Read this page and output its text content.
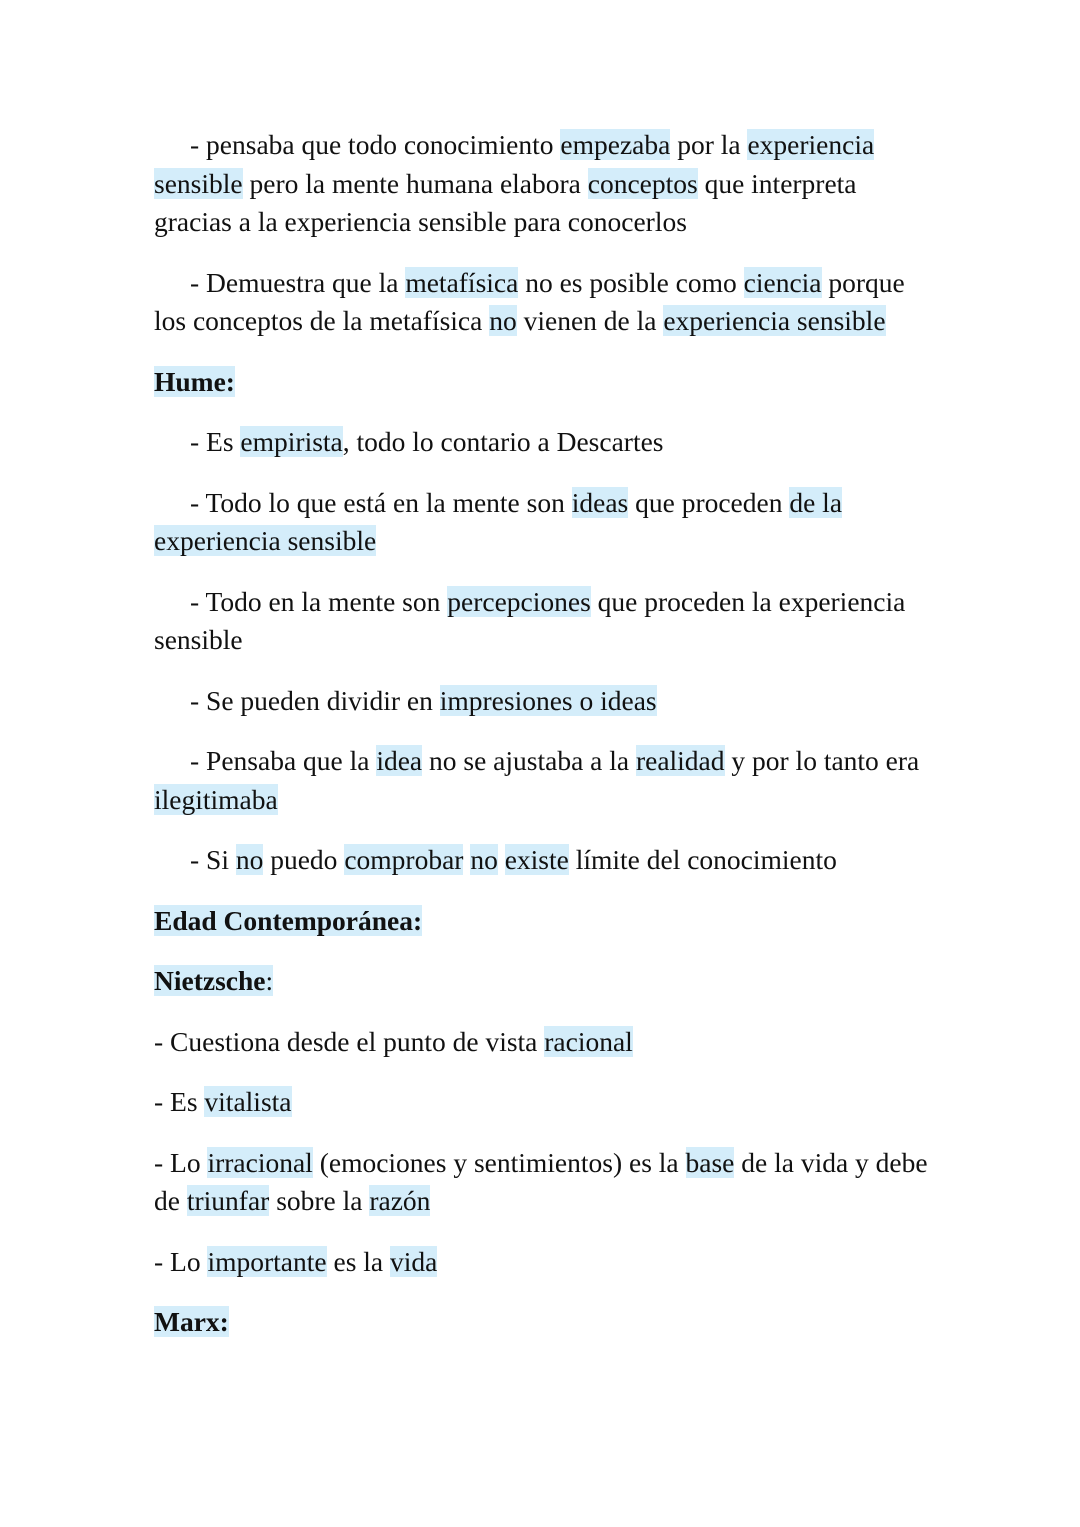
- pensaba que todo conocimiento empezaba por la experiencia sensible pero la mente humana elabora conceptos que interpreta gracias a la experiencia sensible para conocerlos

- Demuestra que la metafísica no es posible como ciencia porque los conceptos de la metafísica no vienen de la experiencia sensible

Hume:

- Es empirista, todo lo contario a Descartes

- Todo lo que está en la mente son ideas que proceden de la experiencia sensible

- Todo en la mente son percepciones que proceden la experiencia sensible

- Se pueden dividir en impresiones o ideas

- Pensaba que la idea no se ajustaba a la realidad y por lo tanto era ilegitimaba

- Si no puedo comprobar no existe límite del conocimiento

Edad Contemporánea:

Nietzsche:

- Cuestiona desde el punto de vista racional

- Es vitalista

- Lo irracional (emociones y sentimientos) es la base de la vida y debe de triunfar sobre la razón

- Lo importante es la vida

Marx:
